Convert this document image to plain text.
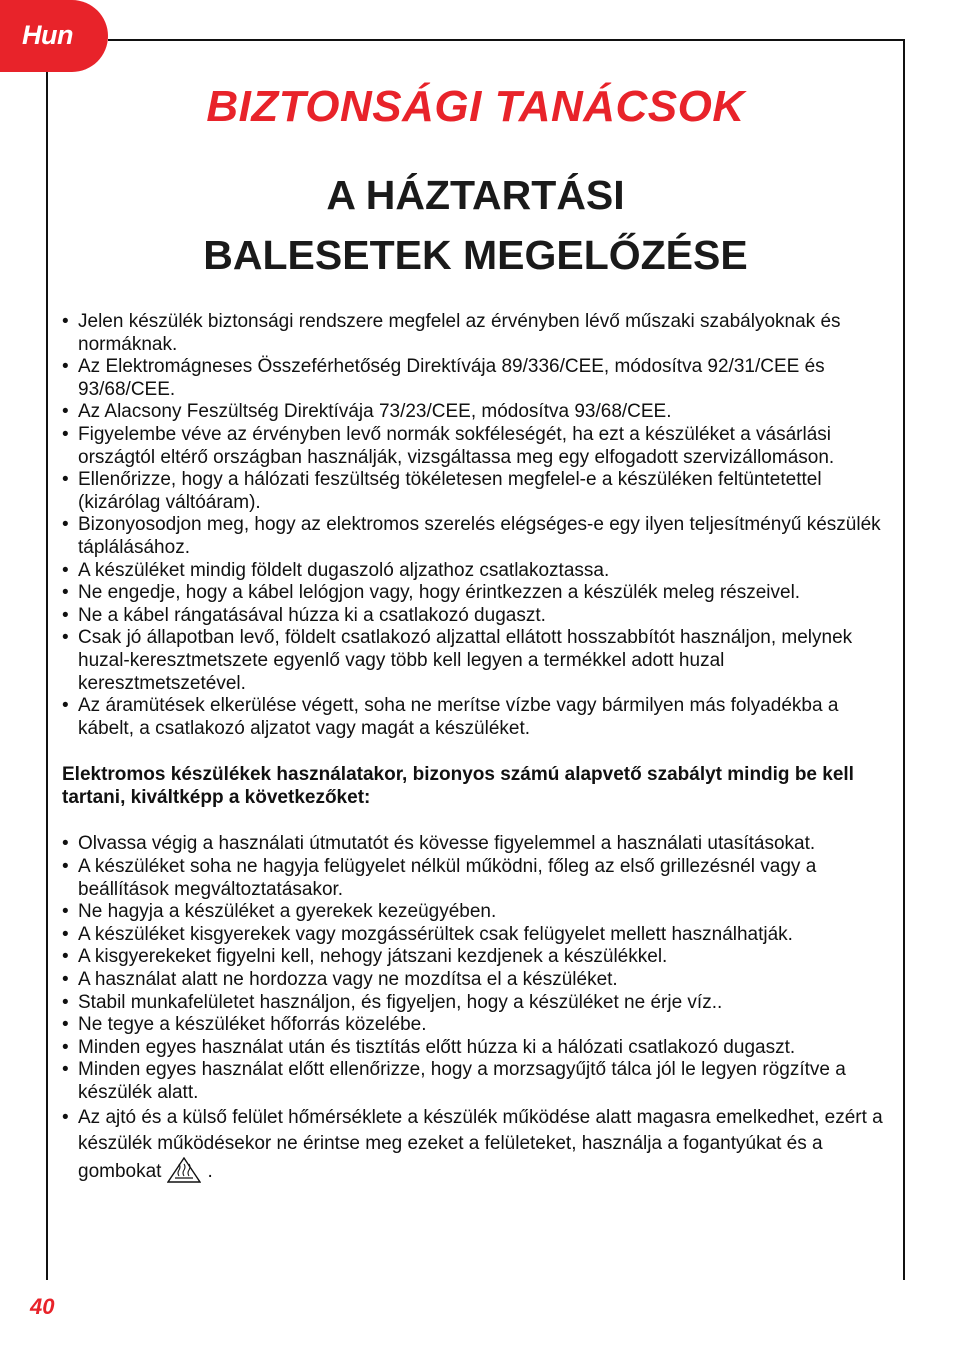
Hun
BIZTONSÁGI TANÁCSOK
A HÁZTARTÁSI
BALESETEK MEGELŐZÉSE
• Jelen készülék biztonsági rendszere megfelel az érvényben lévő műszaki szabályoknak és normáknak.
• Az Elektromágneses Összeférhetőség Direktívája 89/336/CEE, módosítva 92/31/CEE és 93/68/CEE.
• Az Alacsony Feszültség Direktívája 73/23/CEE, módosítva 93/68/CEE.
• Figyelembe véve az érvényben levő normák sokféleségét, ha ezt a készüléket a vásárlási országtól eltérő országban használják, vizsgáltassa meg egy elfogadott szervizállomáson.
• Ellenőrizze, hogy a hálózati feszültség tökéletesen megfelel-e a készüléken feltüntetettel (kizárólag váltóáram).
• Bizonyosodjon meg, hogy az elektromos szerelés elégséges-e egy ilyen teljesítményű készülék táplálásához.
• A készüléket mindig földelt dugaszoló aljzathoz csatlakoztassa.
• Ne engedje, hogy a kábel lelógjon vagy, hogy érintkezzen a készülék meleg részeivel.
• Ne a kábel rángatásával húzza ki a csatlakozó dugaszt.
• Csak jó állapotban levő, földelt csatlakozó aljzattal ellátott hosszabbítót használjon, melynek huzal-keresztmetszete egyenlő vagy több kell legyen a termékkel adott huzal keresztmetszetével.
• Az áramütések elkerülése végett, soha ne merítse vízbe vagy bármilyen más folyadékba a kábelt, a csatlakozó aljzatot vagy magát a készüléket.

Elektromos készülékek használatakor, bizonyos számú alapvető szabályt mindig be kell tartani, kiváltképp a következőket:

• Olvassa végig a használati útmutatót és kövesse figyelemmel a használati utasításokat.
• A készüléket soha ne hagyja felügyelet nélkül működni, főleg az első grillezésnél vagy a beállítások megváltoztatásakor.
• Ne hagyja a készüléket a gyerekek kezeügyében.
• A készüléket kisgyerekek vagy mozgássérültek csak felügyelet mellett használhatják.
• A kisgyerekeket figyelni kell, nehogy játszani kezdjenek a készülékkel.
• A használat alatt ne hordozza vagy ne mozdítsa el a készüléket.
• Stabil munkafelületet használjon, és figyeljen, hogy a készüléket ne érje víz..
• Ne tegye a készüléket hőforrás közelébe.
• Minden egyes használat után és tisztítás előtt húzza ki a hálózati csatlakozó dugaszt.
• Minden egyes használat előtt ellenőrizze, hogy a morzsagyűjtő tálca jól le legyen rögzítve a készülék alatt.
• Az ajtó és a külső felület hőmérséklete a készülék működése alatt magasra emelkedhet, ezért a készülék működésekor ne érintse meg ezeket a felületeket, használja a fogantyúkat és a gombokat .
40
